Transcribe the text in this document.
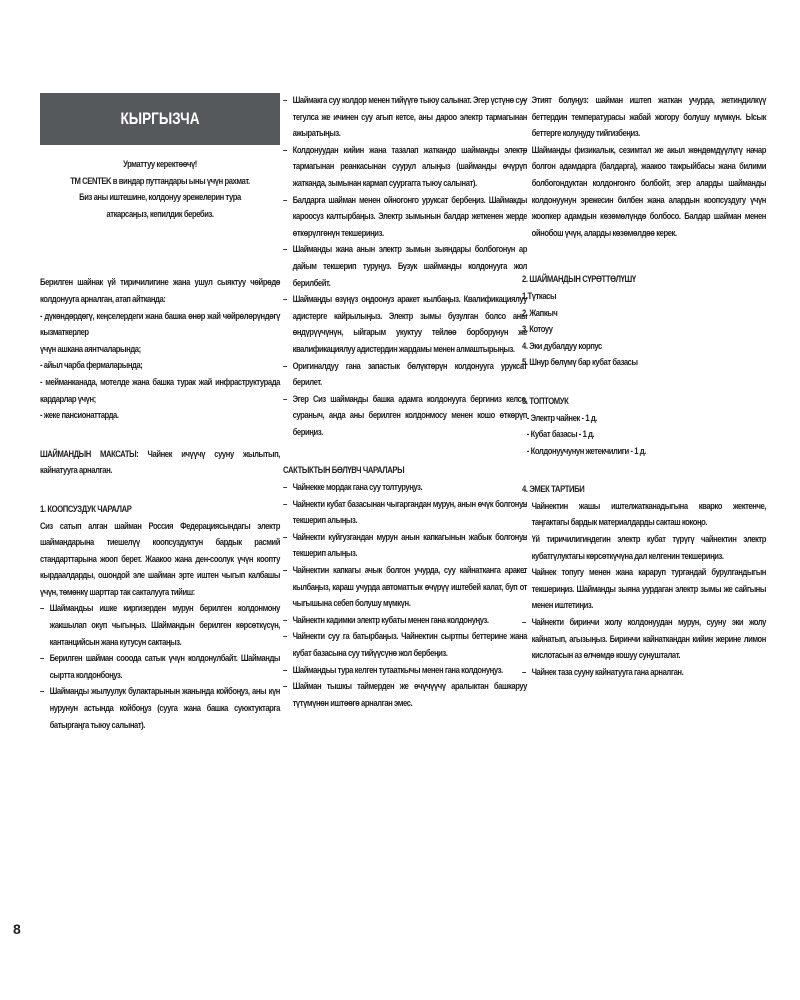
КЫРГЫЗЧА

Урматтуу керектөөчү!

TM CENTEK в виндар путтандары ыны үчүн рахмат.

Биз аны иштешине, колдонуу эрежелерин тура

аткарсаңыз, кепилдик беребиз.

Берилген шайнак үй тиричилигине жана ушул сыяктуу чөйрөдө колдонууга арналган, атап айтканда:

- дүкөндөрдөгү, кеңселердеги жана башка өнөр жай чөйрөлөрүндөгү кызматкерлер

үчүн ашкана аянтчаларында;

- айыл чарба фермаларында;

- мейманканада, мотелде жана башка турак жай инфраструктурада кардарлар үчүн;

- жеке пансионаттарда.

ШАЙМАНДЫН МАКСАТЫ: Чайнек ичүүчү сууну жылытып, кайнатууга арналган.

1. КООПСУЗДУК ЧАРАЛАР

Сиз сатып алган шайман Россия Федерациясындагы электр шаймандарына тиешелүү коопсуздуктун бардык расмий стандарттарына жооп берет. Жаакоо жана ден-соолук үчүн коопту кырдаалдарды, ошондой эле шайман эрте иштен чыгып калбашы үчүн, төмөнкү шарттар так сакталууга тийиш:

– Шаймандьы ишке киргизерден мурун берилген колдонмону жакшылап окуп чыгыңыз. Шаймандын берилген көрсөткүсүн, кантанцийсын жана кутусун сактаңыз.
– Берилген шайман сооода сатык үчүн колдонулбайт. Шайманды сыртта колдонбоңуз.
– Шайманды жылуулук булактарынын жанында койбоңуз, аны күн нурунун астында койбоңуз (сууга жана башка суюктуктарга батыргаңга тыюу салынат).
– Шаймакга суу колдор менен тийүүгө тыюу салынат. Эгер үстүнө суу тегулса же ичинен суу агып кетсе, аны дароо электр тармагынан ажыратыңыз.
– Колдонуудан кийин жана тазалап жаткандо шайманды электр тармагынан реанкасынан суурул алыңыз (шайманды өчүрүп жатканда, зымынан кармап суургагга тыюу салынат).
– Балдарга шайман менен ойногонго уруксат бербеңиз. Шаймакды кароосуз калтырбаңыз. Электр зымынын балдар жеткенен жерде өткөрүлгөнүн текшериңиз.
– Шайманды жана анын электр зымын зыяндары болбогонун ар дайым текшерип туруңуз. Бузук шайманды колдонууга жол берилбейт.
– Шаймаңды өзүңүз оңдоонуз аракет кылбаңыз. Квалификациялуу адистерге кайрылыңыз. Электр зымы бузулган болсо аны өндүрүүчүнүн, ыйгарым укуктуу тейлөө борборунун же квалификациялуу адистердин жардамы менен алмаштырыңыз.
– Оригиналдуу гана запастык бөлүктөрүн колдонууга уруксат берилет.
– Эгер Сиз шайманды башка адамга колдонууга бергиниз келсе, сураныч, анда аны берилген колдонмосу менен кошо өткөрүп бериңиз.

САКТЫКТЫН БӨЛҮВЧ ЧАРАЛАРЫ

– Чайнекке мордак гана суу толтуруңуз.
– Чайнекти кубат базасынан чыгаргандан мурун, анын өчүк болгонун текшерип алыңыз.
– Чайнекти куйгузгандан мурун анын капкагынын жабык болгонун текшерип алыңыз.
– Чайнектин капкагы ачык болгон учурда, суу кайнатканга аракет кылбаңыз, караш учурда автоматтык өчүрүү иштебей калат, буп от чыгышына себеп болушу мүмкүн.
– Чайнектн кадимки электр кубаты менен гана колдонуңуз.
– Чайнекти суу га батырбаңыз. Чайнектин сыртпы беттерине жана кубат базасына суу тийүүсүнө жол бербеңиз.
– Шаймандьы тура келген тутааткычы менен гана колдонуңуз.
– Шайман тышкы таймерден же өчүчүүчү аралыктан башкаруу түтүмүнөн иштөөгө арналган эмес.
– Этият болуңуз: шайман иштеп жаткан учурда, жетиндилкүү беттердин температурасы жабай жогору болушу мүмкүн. Ысык беттерге колуңуду тийгизбеңиз.
– Шайманды физикалык, сезимтал же акыл жөндөмдүүлүгү начар болгон адамдарга (балдарга), жаакоо тажрыйбасы жана билими болбогондуктан колдонгонго болбойт, эгер аларды шайманды колдонуунун эрежесин билбен жана алардын коопсуздугу үчүн жоопкер адамдын көзөмөлүндө болбосо. Балдар шайман менен ойнобош үчүн, аларды көзөмөлдөө керек.

2. ШАЙМАНДЫН СҮРӨТТӨЛҮШҮ

1.Түткасы
2. Жапкыч
3. Котоуу
4. Эки дубалдуу корпус
5. Шнур бөлүмү бар кубат базасы

3. ТОПТОМУК

- Электр чайнек - 1 д.
- Кубат базасы - 1 д.
- Колдонуучунун жетекчилиги - 1 д.

4. ЭМЕК ТАРТИБИ

– Чайнектин жашы иштелжатканадыгына кварко жектенче, таңгактагы бардык материалдарды сакташ кокоңо.
– Үй тиричилигиндегин электр кубат түрүгү чайнектин электр кубатгүлуктагы көрсөткүчүна дал келгенин текшериңиз.
– Чайнек топугу менен жана караруп тургандай бурулгандыгын текшериңиз. Шайманды зыяна уурдаган электр зымы же сайгыны менен иштетиңиз.
– Чайнекти биринчи жолу колдонуудан мурун, сууну эки жолу кайнатып, агызыңыз. Биринчи кайнаткандан кийин жерине лимон кислотасын аз өлчөмдө кошуу сунушталат.
– Чайнек таза сууну кайнатууга гана арналган.
8
